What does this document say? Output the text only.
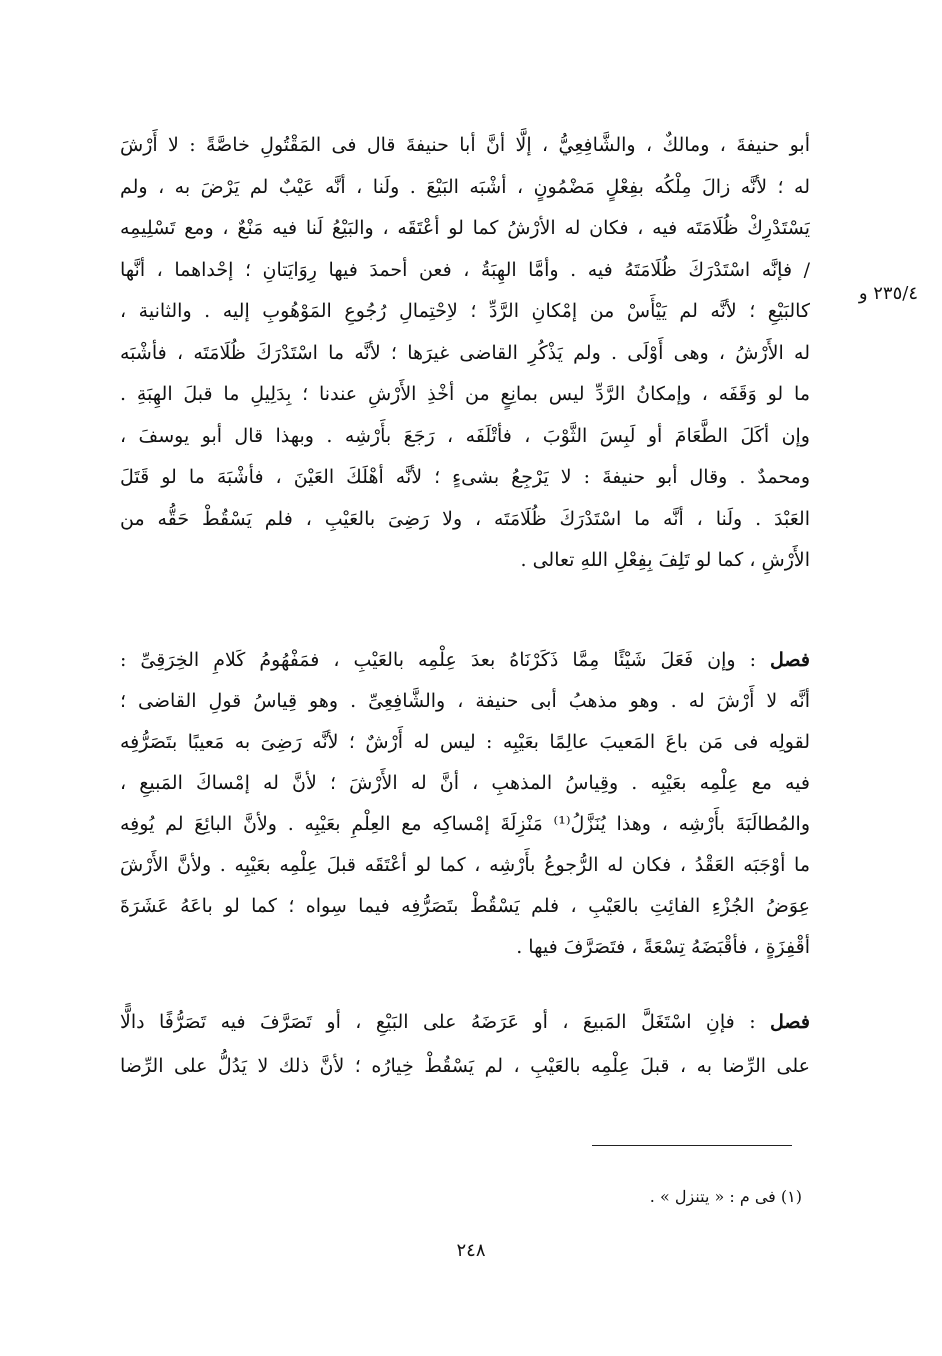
٢٣٥/٤ و
أبو حنيفةَ ، ومالكٌ ، والشَّافِعِيُّ ، إلَّا أنَّ أبا حنيفةَ قال فى المَقْتُولِ خاصَّةً : لا أَرْشَ
له ؛ لأنَّه زالَ مِلْكُه بفِعْلٍ مَضْمُونٍ ، أشْبَه البَيْعَ . ولَنا ، أنَّه عَيْبٌ لم يَرْضَ به ، ولم
يَسْتَدْرِكْ ظُلَامَتَه فيه ، فكان له الأرْشُ كما لو أعْتَقَه ، والبَيْعُ لَنا فيه مَنْعٌ ، ومع تَسْلِيمِه
/ فإنَّه اسْتَدْرَكَ ظُلَامَتَهُ فيه . وأمَّا الهِبَةُ ، فعن أحمدَ فيها رِوَايَتانِ ؛ إحْداهما ، أنَّها
كالبَيْعِ ؛ لأنَّه لم يَيْأَسْ من إمْكانِ الرَّدِّ ؛ لاِحْتِمالِ رُجُوعِ المَوْهُوبِ إليه . والثانية ،
له الأَرْشُ ، وهى أَوْلَى . ولم يَذْكُرِ القاضى غيرَها ؛ لأنَّه ما اسْتَدْرَكَ ظُلَامَتَه ، فأشْبَه
ما لو وَقَفَه ، وإمكانُ الرَّدِّ ليس بمانِعٍ من أخْذِ الأَرْشِ عندنا ؛ بِدَلِيلِ ما قبلَ الهِبَةِ .
وإن أكَلَ الطَّعَامَ أو لَبِسَ الثَّوْبَ ، فأتْلَفَه ، رَجَعَ بأَرْشِه . وبهذا قال أبو يوسفَ ،
ومحمدٌ . وقال أبو حنيفةَ : لا يَرْجِعُ بشىءٍ ؛ لأنَّه أهْلَكَ العَيْنَ ، فأشْبَهَ ما لو قَتَلَ
العَبْدَ . ولَنا ، أنَّه ما اسْتَدْرَكَ ظُلَامَتَه ، ولا رَضِىَ بالعَيْبِ ، فلم يَسْقُطْ حَقُّه من
الأَرْشِ ، كما لو تَلِفَ بِفِعْلِ اللهِ تعالى .
فصل : وإن فَعَلَ شَيْئًا مِمَّا ذَكَرْنَاهُ بعدَ عِلْمِه بالعَيْبِ ، فمَفْهُومُ كَلامِ الخِرَقِىِّ :
أنَّه لا أَرْشَ له . وهو مذهبُ أبى حنيفة ، والشَّافِعِىِّ . وهو قِياسُ قولِ القاضى ؛
لقولِه فى مَن باعَ المَعيبَ عالِمًا بعَيْبِه : ليس له أَرْشٌ ؛ لأنَّه رَضِىَ به مَعيبًا بتَصَرُّفِه
فيه مع عِلْمِه بعَيْبِه . وقِياسُ المذهبِ ، أنَّ له الأَرْشَ ؛ لأنَّ له إمْساكَ المَبيعِ ،
والمُطالَبَةَ بأَرْشِه ، وهذا يُنَزَّلُ⁽¹⁾ مَنْزِلَةَ إمْساكِه مع العِلْمِ بعَيْبِه . ولأنَّ البائِعَ لم يُوفِه
ما أوْجَبَه العَقْدُ ، فكان له الرُّجوعُ بأَرْشِه ، كما لو أعْتَقَه قبلَ عِلْمِه بعَيْبِه . ولأنَّ الأَرْشَ
عِوَضُ الجُزْءِ الفائِتِ بالعَيْبِ ، فلم يَسْقُطْ بتَصَرُّفِه فيما سِواه ؛ كما لو باعَهُ عَشَرَةَ
أقْفِزَةٍ ، فأقْبَضَهُ تِسْعَةً ، فتَصَرَّفَ فيها .
فصل : فإنِ اسْتَغَلَّ المَبيعَ ، أو عَرَضَهُ على البَيْعِ ، أو تَصَرَّفَ فيه تَصَرُّفًا دالًّا
على الرِّضا به ، قبلَ عِلْمِه بالعَيْبِ ، لم يَسْقُطْ خِيارُه ؛ لأنَّ ذلك لا يَدُلُّ على الرِّضا
(١) فى م : « يتنزل » .
٢٤٨
